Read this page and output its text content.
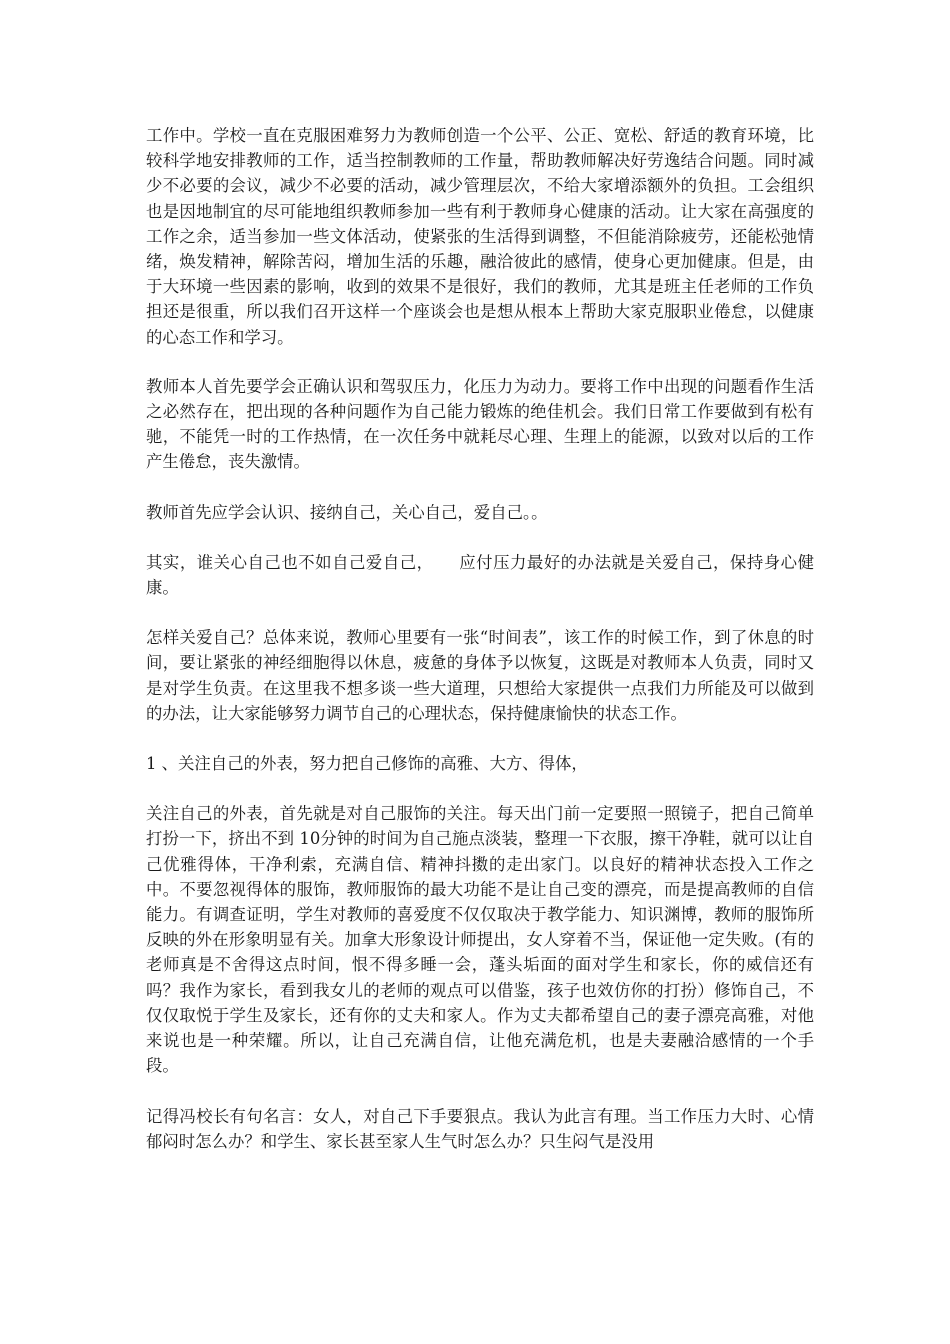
工作中。学校一直在克服困难努力为教师创造一个公平、公正、宽松、舒适的教育环境，比较科学地安排教师的工作，适当控制教师的工作量，帮助教师解决好劳逸结合问题。同时减少不必要的会议，减少不必要的活动，减少管理层次，不给大家增添额外的负担。工会组织也是因地制宜的尽可能地组织教师参加一些有利于教师身心健康的活动。让大家在高强度的工作之余，适当参加一些文体活动，使紧张的生活得到调整，不但能消除疲劳，还能松弛情绪，焕发精神，解除苦闷，增加生活的乐趣，融洽彼此的感情，使身心更加健康。但是，由于大环境一些因素的影响，收到的效果不是很好，我们的教师，尤其是班主任老师的工作负担还是很重，所以我们召开这样一个座谈会也是想从根本上帮助大家克服职业倦怠，以健康的心态工作和学习。

教师本人首先要学会正确认识和驾驭压力，化压力为动力。要将工作中出现的问题看作生活之必然存在，把出现的各种问题作为自己能力锻炼的绝佳机会。我们日常工作要做到有松有驰，不能凭一时的工作热情，在一次任务中就耗尽心理、生理上的能源，以致对以后的工作产生倦怠，丧失激情。

教师首先应学会认识、接纳自己，关心自己，爱自己。。

其实，谁关心自己也不如自己爱自己，　　应付压力最好的办法就是关爱自己，保持身心健康。

怎样关爱自己？总体来说，教师心里要有一张“时间表”，该工作的时候工作，到了休息的时间，要让紧张的神经细胞得以休息，疲惫的身体予以恢复，这既是对教师本人负责，同时又是对学生负责。在这里我不想多谈一些大道理，只想给大家提供一点我们力所能及可以做到的办法，让大家能够努力调节自己的心理状态，保持健康愉快的状态工作。

1 、关注自己的外表，努力把自己修饰的高雅、大方、得体，

关注自己的外表，首先就是对自己服饰的关注。每天出门前一定要照一照镜子，把自己简单打扮一下，挤出不到 10分钟的时间为自己施点淡装，整理一下衣服，擦干净鞋，就可以让自己优雅得体，干净利索，充满自信、精神抖擞的走出家门。以良好的精神状态投入工作之中。不要忽视得体的服饰，教师服饰的最大功能不是让自己变的漂亮，而是提高教师的自信能力。有调查证明，学生对教师的喜爱度不仅仅取决于教学能力、知识渊博，教师的服饰所反映的外在形象明显有关。加拿大形象设计师提出，女人穿着不当，保证他一定失败。(有的老师真是不舍得这点时间，恨不得多睡一会，蓬头垢面的面对学生和家长，你的威信还有吗？我作为家长，看到我女儿的老师的观点可以借鉴，孩子也效仿你的打扮）修饰自己，不仅仅取悦于学生及家长，还有你的丈夫和家人。作为丈夫都希望自己的妻子漂亮高雅，对他来说也是一种荣耀。所以，让自己充满自信，让他充满危机，也是夫妻融洽感情的一个手段。

记得冯校长有句名言：女人，对自己下手要狠点。我认为此言有理。当工作压力大时、心情郁闷时怎么办？和学生、家长甚至家人生气时怎么办？只生闷气是没用
